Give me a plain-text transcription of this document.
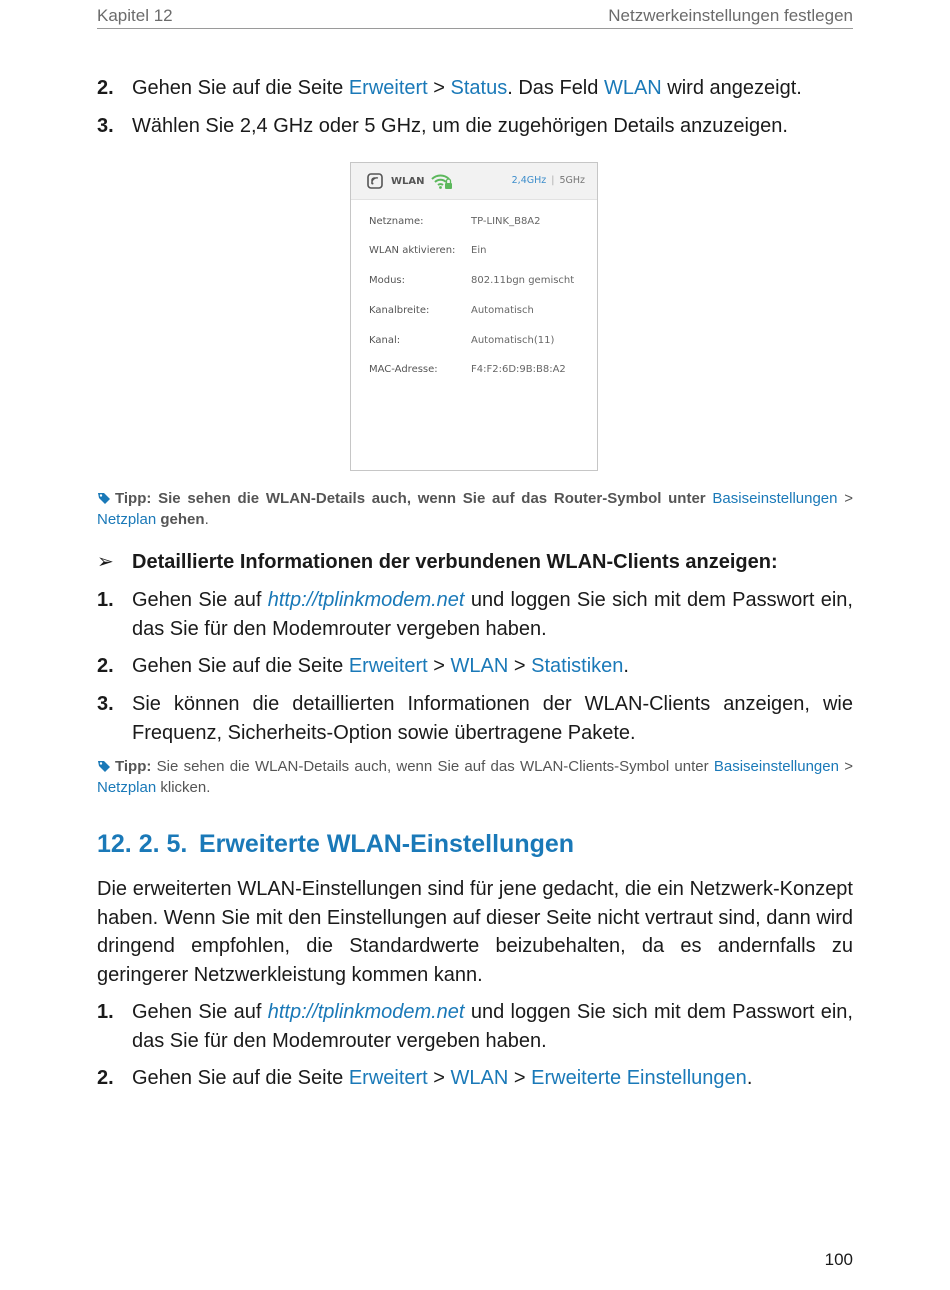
Kapitel 12	Netzwerkeinstellungen festlegen
2. Gehen Sie auf die Seite Erweitert > Status. Das Feld WLAN wird angezeigt.
3. Wählen Sie 2,4 GHz oder 5 GHz, um die zugehörigen Details anzuzeigen.
WLAN	2,4GHz | 5GHz
Netzname:	TP-LINK_B8A2
WLAN aktivieren: Ein
Modus:	802.11bgn gemischt
Kanalbreite:	Automatisch
Kanal:	Automatisch(11)
MAC-Adresse:	F4:F2:6D:9B:B8:A2
Tipp: Sie sehen die WLAN-Details auch, wenn Sie auf das Router-Symbol unter Basiseinstellungen > Netzplan gehen.
➢ Detaillierte Informationen der verbundenen WLAN-Clients anzeigen:
1. Gehen Sie auf http://tplinkmodem.net und loggen Sie sich mit dem Passwort ein, das Sie für den Modemrouter vergeben haben.
2. Gehen Sie auf die Seite Erweitert > WLAN > Statistiken.
3. Sie können die detaillierten Informationen der WLAN-Clients anzeigen, wie Frequenz, Sicherheits-Option sowie übertragene Pakete.
Tipp: Sie sehen die WLAN-Details auch, wenn Sie auf das WLAN-Clients-Symbol unter Basiseinstellungen > Netzplan klicken.
12. 2. 5. Erweiterte WLAN-Einstellungen
Die erweiterten WLAN-Einstellungen sind für jene gedacht, die ein Netzwerk-Konzept haben. Wenn Sie mit den Einstellungen auf dieser Seite nicht vertraut sind, dann wird dringend empfohlen, die Standardwerte beizubehalten, da es andernfalls zu geringerer Netzwerkleistung kommen kann.
1. Gehen Sie auf http://tplinkmodem.net und loggen Sie sich mit dem Passwort ein, das Sie für den Modemrouter vergeben haben.
2. Gehen Sie auf die Seite Erweitert > WLAN > Erweiterte Einstellungen.
100
